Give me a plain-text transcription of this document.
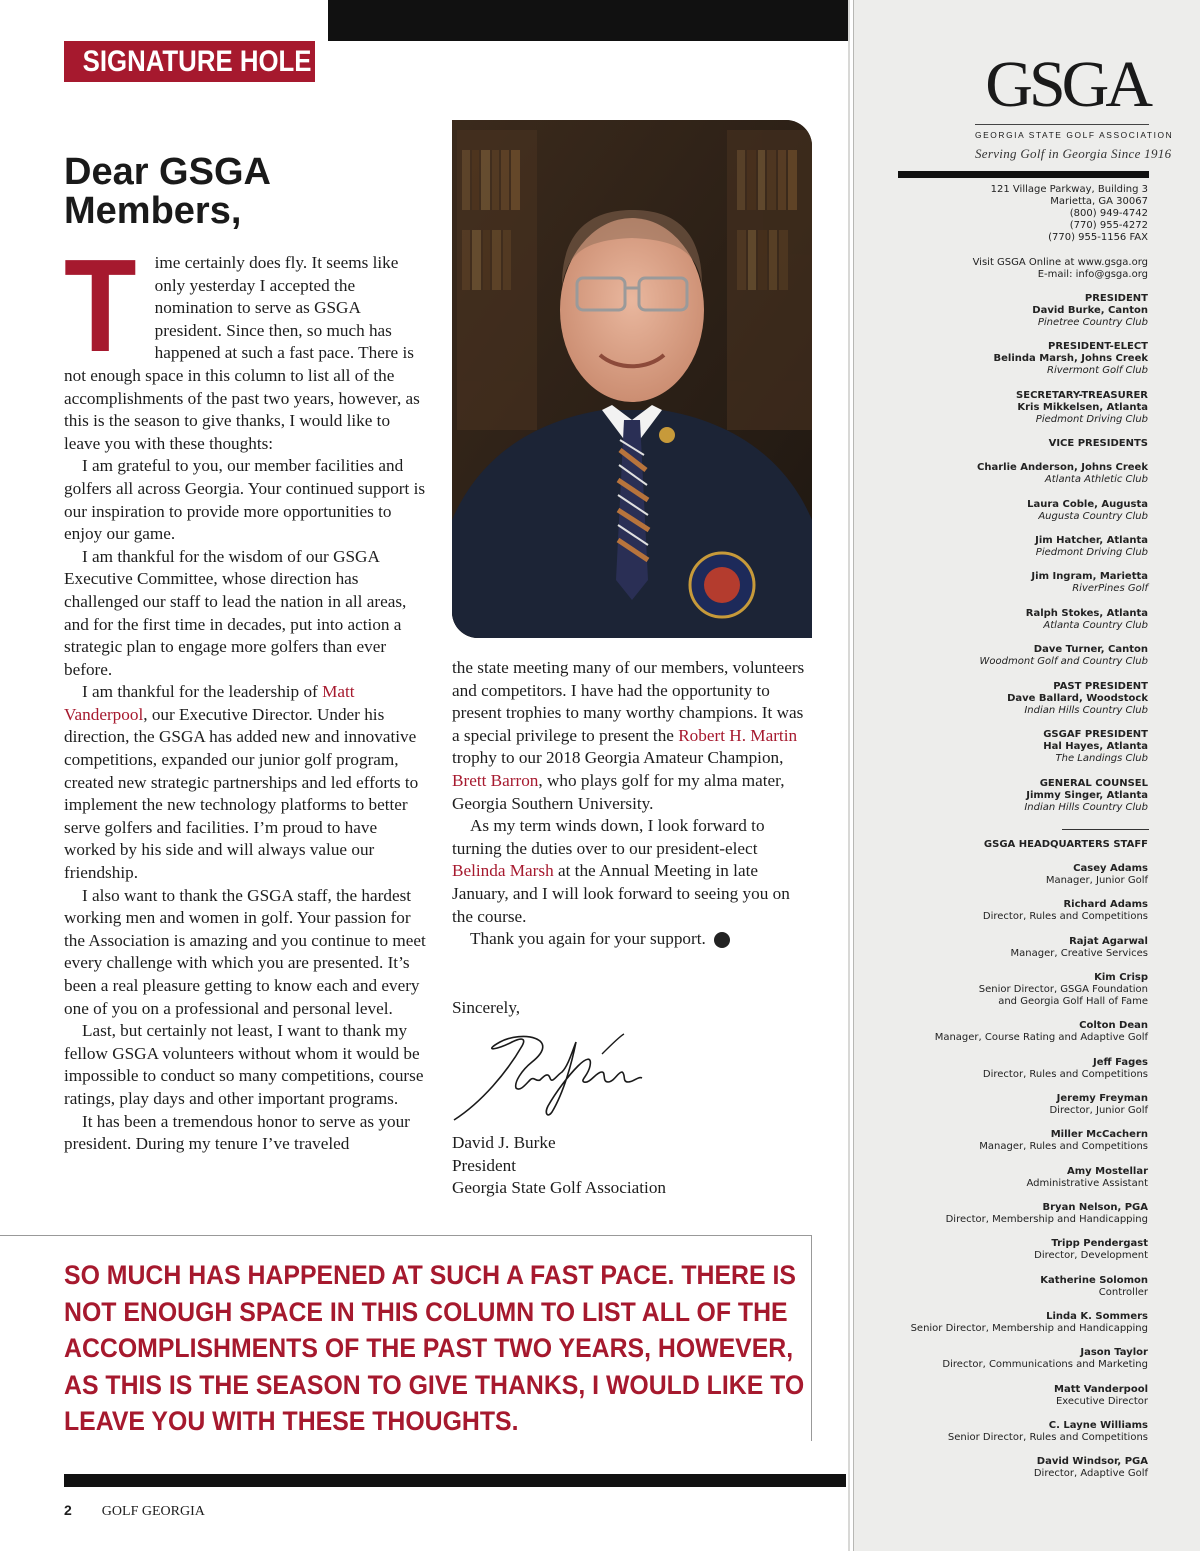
SIGNATURE HOLE
Dear GSGA
Members,

T ime certainly does fly. It seems like only yesterday I accepted the nomination to serve as GSGA president. Since then, so much has happened at such a fast pace. There is not enough space in this column to list all of the accomplishments of the past two years, however, as this is the season to give thanks, I would like to leave you with these thoughts:

I am grateful to you, our member facilities and golfers all across Georgia. Your continued support is our inspiration to provide more opportunities to enjoy our game.

I am thankful for the wisdom of our GSGA Executive Committee, whose direction has challenged our staff to lead the nation in all areas, and for the first time in decades, put into action a strategic plan to engage more golfers than ever before.

I am thankful for the leadership of Matt Vanderpool, our Executive Director. Under his direction, the GSGA has added new and innovative competitions, expanded our junior golf program, created new strategic partnerships and led efforts to implement the new technology platforms to better serve golfers and facilities. I’m proud to have worked by his side and will always value our friendship.

I also want to thank the GSGA staff, the hardest working men and women in golf. Your passion for the Association is amazing and you continue to meet every challenge with which you are presented. It’s been a real pleasure getting to know each and every one of you on a professional and personal level.

Last, but certainly not least, I want to thank my fellow GSGA volunteers without whom it would be impossible to conduct so many competitions, course ratings, play days and other important programs.

It has been a tremendous honor to serve as your president. During my tenure I’ve traveled

the state meeting many of our members, volunteers and competitors. I have had the opportunity to present trophies to many worthy champions. It was a special privilege to present the Robert H. Martin trophy to our 2018 Georgia Amateur Champion, Brett Barron, who plays golf for my alma mater, Georgia Southern University.

As my term winds down, I look forward to turning the duties over to our president-elect Belinda Marsh at the Annual Meeting in late January, and I will look forward to seeing you on the course.

Thank you again for your support.	GG

Sincerely,
David J. Burke
President
Georgia State Golf Association
SO MUCH HAS HAPPENED AT SUCH A FAST PACE. THERE IS
NOT ENOUGH SPACE IN THIS COLUMN TO LIST ALL OF THE
ACCOMPLISHMENTS OF THE PAST TWO YEARS, HOWEVER,
AS THIS IS THE SEASON TO GIVE THANKS, I WOULD LIKE TO
LEAVE YOU WITH THESE THOUGHTS.
2 GOLF GEORGIA
GSGA
GEORGIA STATE GOLF ASSOCIATION
Serving Golf in Georgia Since 1916
121 Village Parkway, Building 3
Marietta, GA 30067
(800) 949-4742
(770) 955-4272
(770) 955-1156 FAX
Visit GSGA Online at www.gsga.org
E-mail: info@gsga.org
PRESIDENT
David Burke, Canton
Pinetree Country Club
PRESIDENT-ELECT
Belinda Marsh, Johns Creek
Rivermont Golf Club
SECRETARY-TREASURER
Kris Mikkelsen, Atlanta
Piedmont Driving Club
VICE PRESIDENTS
Charlie Anderson, Johns Creek
Atlanta Athletic Club
Laura Coble, Augusta
Augusta Country Club
Jim Hatcher, Atlanta
Piedmont Driving Club
Jim Ingram, Marietta
RiverPines Golf
Ralph Stokes, Atlanta
Atlanta Country Club
Dave Turner, Canton
Woodmont Golf and Country Club
PAST PRESIDENT
Dave Ballard, Woodstock
Indian Hills Country Club
GSGAF PRESIDENT
Hal Hayes, Atlanta
The Landings Club
GENERAL COUNSEL
Jimmy Singer, Atlanta
Indian Hills Country Club
GSGA HEADQUARTERS STAFF
Casey Adams
Manager, Junior Golf
Richard Adams
Director, Rules and Competitions
Rajat Agarwal
Manager, Creative Services
Kim Crisp
Senior Director, GSGA Foundation
and Georgia Golf Hall of Fame
Colton Dean
Manager, Course Rating and Adaptive Golf
Jeff Fages
Director, Rules and Competitions
Jeremy Freyman
Director, Junior Golf
Miller McCachern
Manager, Rules and Competitions
Amy Mostellar
Administrative Assistant
Bryan Nelson, PGA
Director, Membership and Handicapping
Tripp Pendergast
Director, Development
Katherine Solomon
Controller
Linda K. Sommers
Senior Director, Membership and Handicapping
Jason Taylor
Director, Communications and Marketing
Matt Vanderpool
Executive Director
C. Layne Williams
Senior Director, Rules and Competitions
David Windsor, PGA
Director, Adaptive Golf
